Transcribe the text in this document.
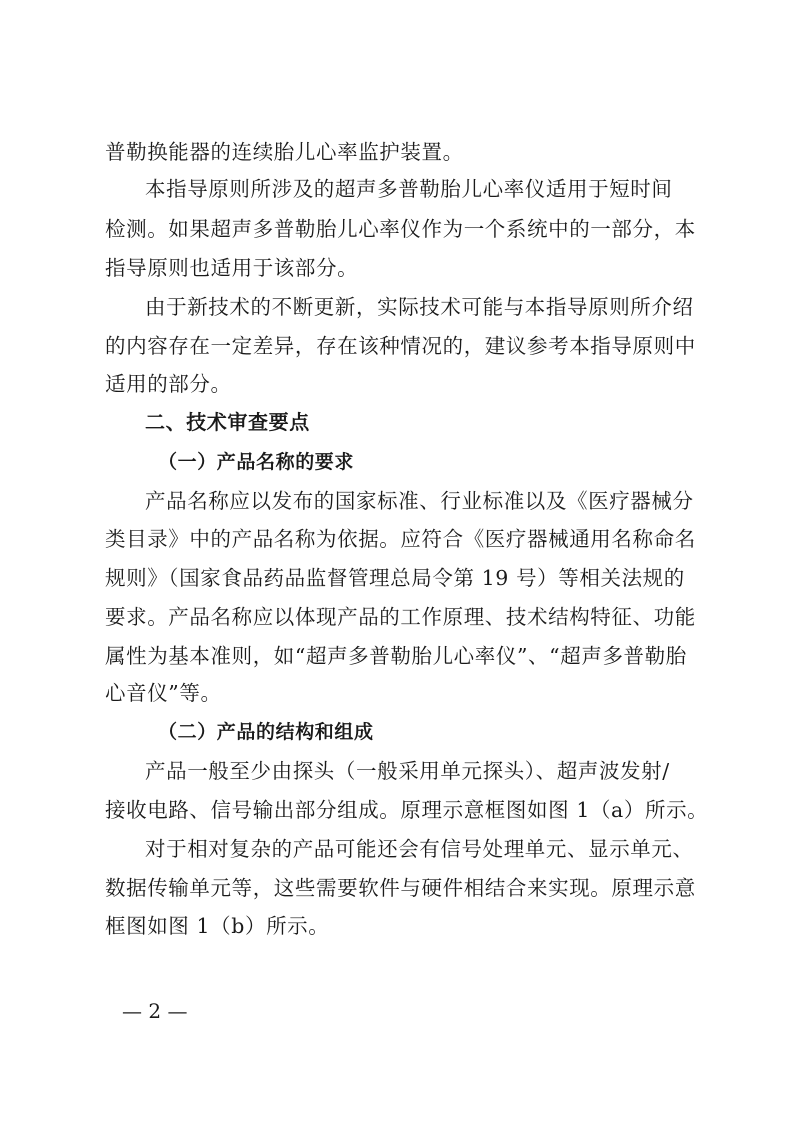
普勒换能器的连续胎儿心率监护装置。
本指导原则所涉及的超声多普勒胎儿心率仪适用于短时间
检测。如果超声多普勒胎儿心率仪作为一个系统中的一部分，本
指导原则也适用于该部分。
由于新技术的不断更新，实际技术可能与本指导原则所介绍
的内容存在一定差异，存在该种情况的，建议参考本指导原则中
适用的部分。
二、技术审查要点
（一）产品名称的要求
产品名称应以发布的国家标准、行业标准以及《医疗器械分
类目录》中的产品名称为依据。应符合《医疗器械通用名称命名
规则》（国家食品药品监督管理总局令第 19 号）等相关法规的
要求。产品名称应以体现产品的工作原理、技术结构特征、功能
属性为基本准则，如“超声多普勒胎儿心率仪”、“超声多普勒胎
心音仪”等。
（二）产品的结构和组成
产品一般至少由探头（一般采用单元探头）、超声波发射/
接收电路、信号输出部分组成。原理示意框图如图 1（a）所示。
对于相对复杂的产品可能还会有信号处理单元、显示单元、
数据传输单元等，这些需要软件与硬件相结合来实现。原理示意
框图如图 1（b）所示。
— 2 —
